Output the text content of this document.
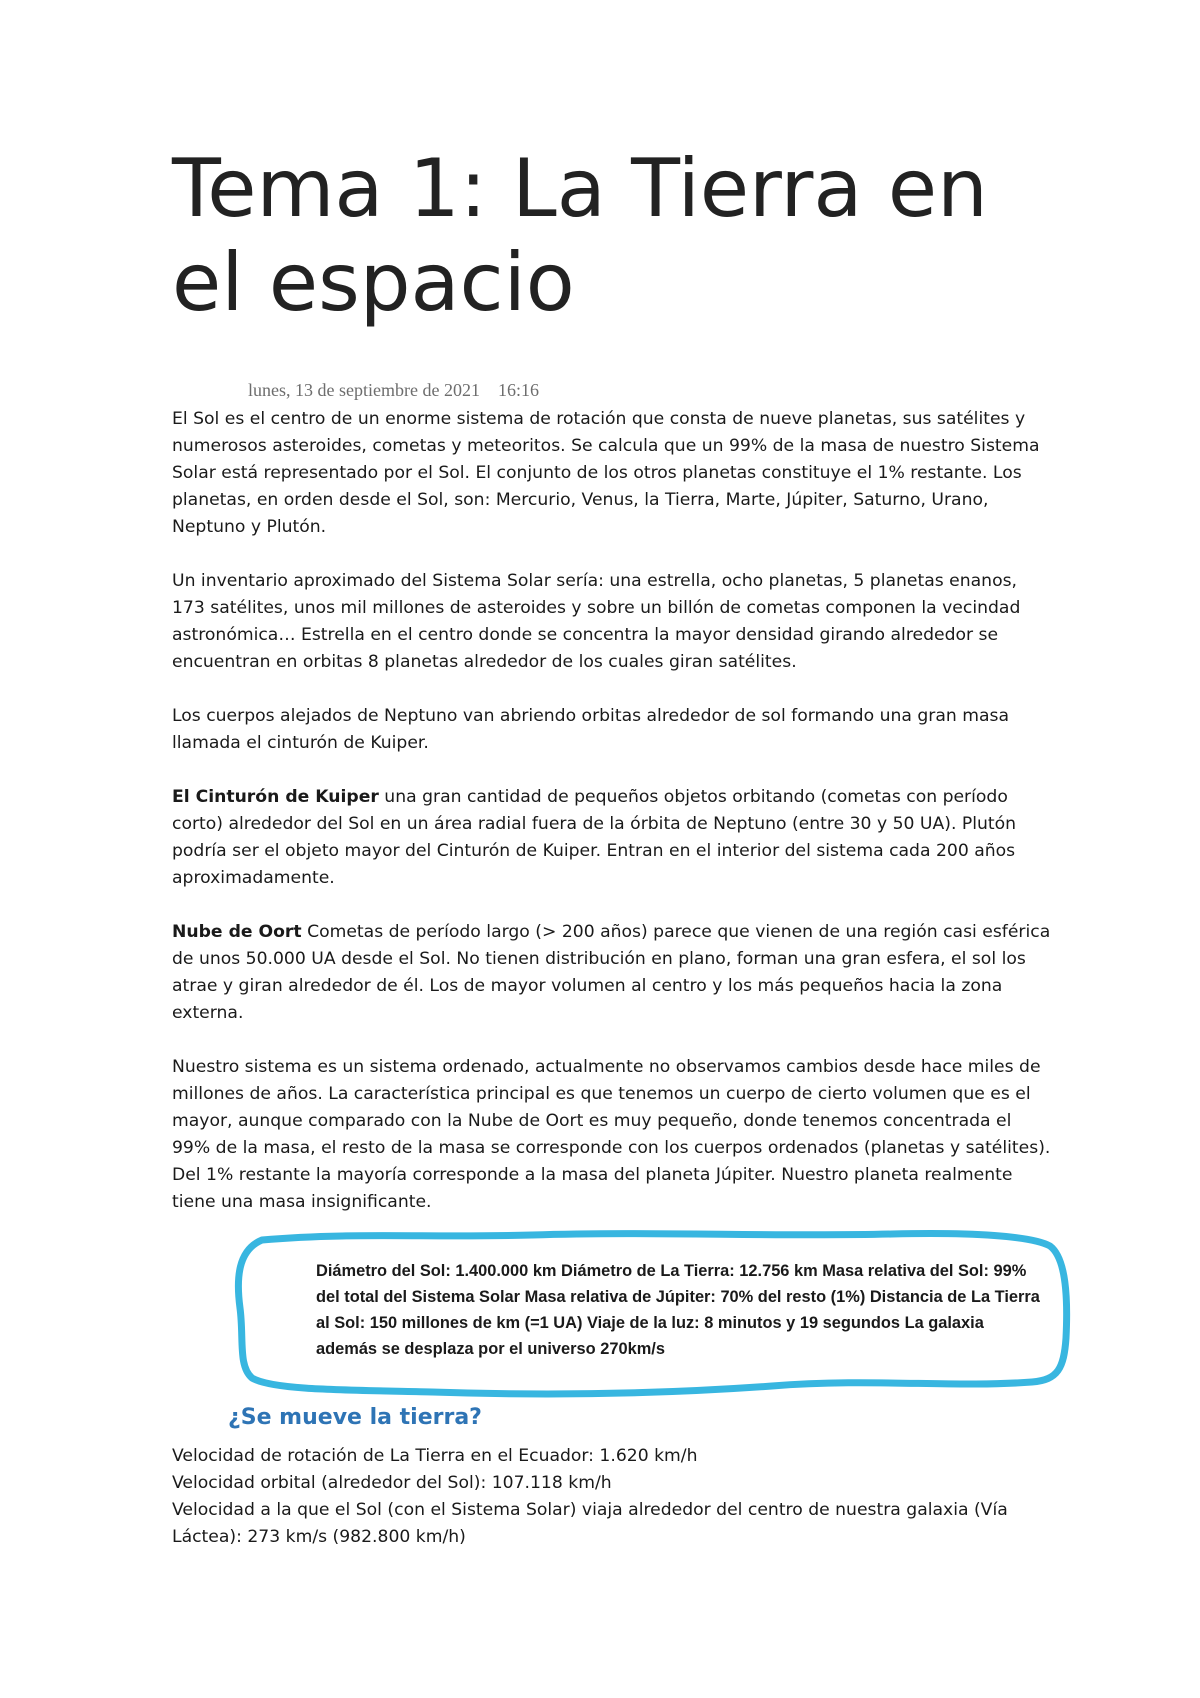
Tema 1: La Tierra en el espacio
lunes, 13 de septiembre de 2021 16:16

El Sol es el centro de un enorme sistema de rotación que consta de nueve planetas, sus satélites y numerosos asteroides, cometas y meteoritos. Se calcula que un 99% de la masa de nuestro Sistema Solar está representado por el Sol. El conjunto de los otros planetas constituye el 1% restante. Los planetas, en orden desde el Sol, son: Mercurio, Venus, la Tierra, Marte, Júpiter, Saturno, Urano, Neptuno y Plutón.

Un inventario aproximado del Sistema Solar sería: una estrella, ocho planetas, 5 planetas enanos, 173 satélites, unos mil millones de asteroides y sobre un billón de cometas componen la vecindad astronómica… Estrella en el centro donde se concentra la mayor densidad girando alrededor se encuentran en orbitas 8 planetas alrededor de los cuales giran satélites.

Los cuerpos alejados de Neptuno van abriendo orbitas alrededor de sol formando una gran masa llamada el cinturón de Kuiper.

El Cinturón de Kuiper una gran cantidad de pequeños objetos orbitando (cometas con período corto) alrededor del Sol en un área radial fuera de la órbita de Neptuno (entre 30 y 50 UA). Plutón podría ser el objeto mayor del Cinturón de Kuiper. Entran en el interior del sistema cada 200 años aproximadamente.

Nube de Oort Cometas de período largo (> 200 años) parece que vienen de una región casi esférica de unos 50.000 UA desde el Sol. No tienen distribución en plano, forman una gran esfera, el sol los atrae y giran alrededor de él. Los de mayor volumen al centro y los más pequeños hacia la zona externa.

Nuestro sistema es un sistema ordenado, actualmente no observamos cambios desde hace miles de millones de años. La característica principal es que tenemos un cuerpo de cierto volumen que es el mayor, aunque comparado con la Nube de Oort es muy pequeño, donde tenemos concentrada el 99% de la masa, el resto de la masa se corresponde con los cuerpos ordenados (planetas y satélites). Del 1% restante la mayoría corresponde a la masa del planeta Júpiter. Nuestro planeta realmente tiene una masa insignificante.

Diámetro del Sol: 1.400.000 km Diámetro de La Tierra: 12.756 km Masa relativa del Sol: 99% del total del Sistema Solar Masa relativa de Júpiter: 70% del resto (1%) Distancia de La Tierra al Sol: 150 millones de km (=1 UA) Viaje de la luz: 8 minutos y 19 segundos La galaxia además se desplaza por el universo 270km/s
¿Se mueve la tierra?
Velocidad de rotación de La Tierra en el Ecuador: 1.620 km/h
Velocidad orbital (alrededor del Sol): 107.118 km/h
Velocidad a la que el Sol (con el Sistema Solar) viaja alrededor del centro de nuestra galaxia (Vía Láctea): 273 km/s (982.800 km/h)
